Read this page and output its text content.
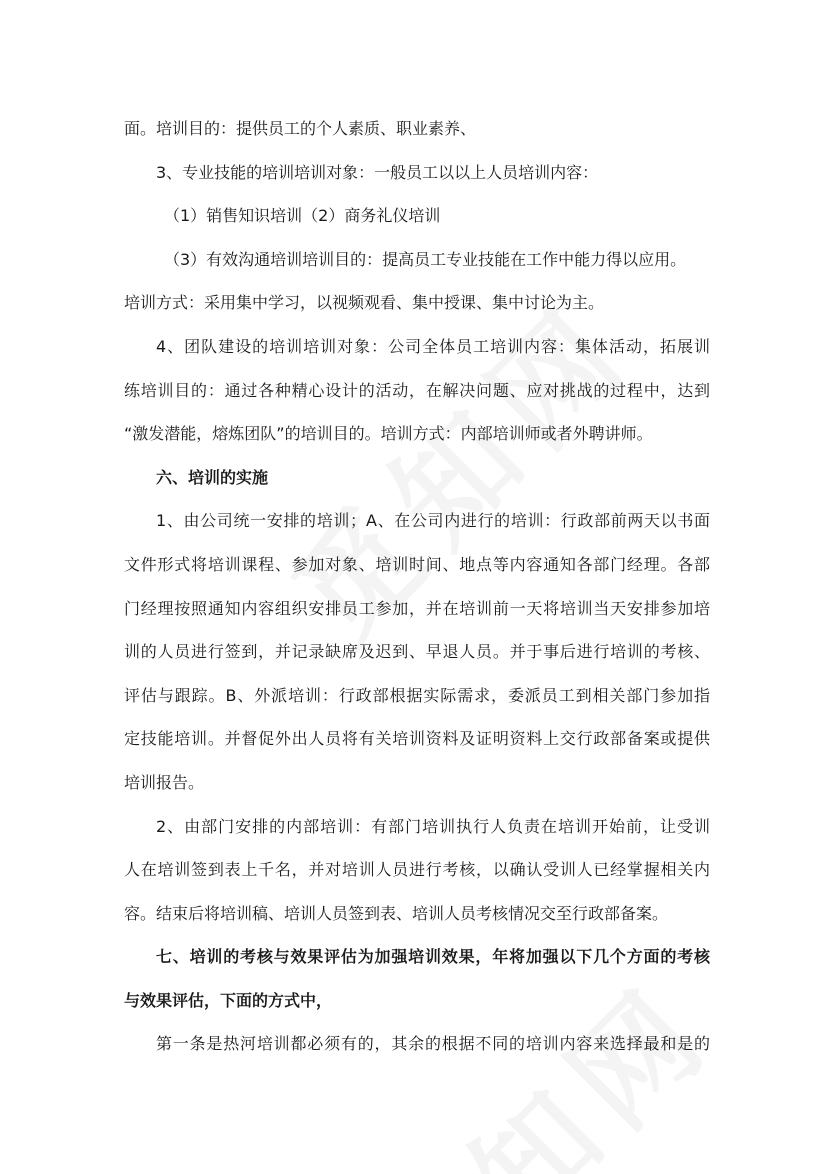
面。培训目的：提供员工的个人素质、职业素养、
3、专业技能的培训培训对象：一般员工以以上人员培训内容：
（1）销售知识培训（2）商务礼仪培训
（3）有效沟通培训培训目的：提高员工专业技能在工作中能力得以应用。
培训方式：采用集中学习，以视频观看、集中授课、集中讨论为主。
4、团队建设的培训培训对象：公司全体员工培训内容：集体活动，拓展训
练培训目的：通过各种精心设计的活动，在解决问题、应对挑战的过程中，达到
“激发潜能，熔炼团队”的培训目的。培训方式：内部培训师或者外聘讲师。
六、培训的实施
1、由公司统一安排的培训；A、在公司内进行的培训：行政部前两天以书面
文件形式将培训课程、参加对象、培训时间、地点等内容通知各部门经理。各部
门经理按照通知内容组织安排员工参加，并在培训前一天将培训当天安排参加培
训的人员进行签到，并记录缺席及迟到、早退人员。并于事后进行培训的考核、
评估与跟踪。B、外派培训：行政部根据实际需求，委派员工到相关部门参加指
定技能培训。并督促外出人员将有关培训资料及证明资料上交行政部备案或提供
培训报告。
2、由部门安排的内部培训：有部门培训执行人负责在培训开始前，让受训
人在培训签到表上千名，并对培训人员进行考核，以确认受训人已经掌握相关内
容。结束后将培训稿、培训人员签到表、培训人员考核情况交至行政部备案。
七、培训的考核与效果评估为加强培训效果，年将加强以下几个方面的考核
与效果评估，下面的方式中，
第一条是热河培训都必须有的，其余的根据不同的培训内容来选择最和是的
